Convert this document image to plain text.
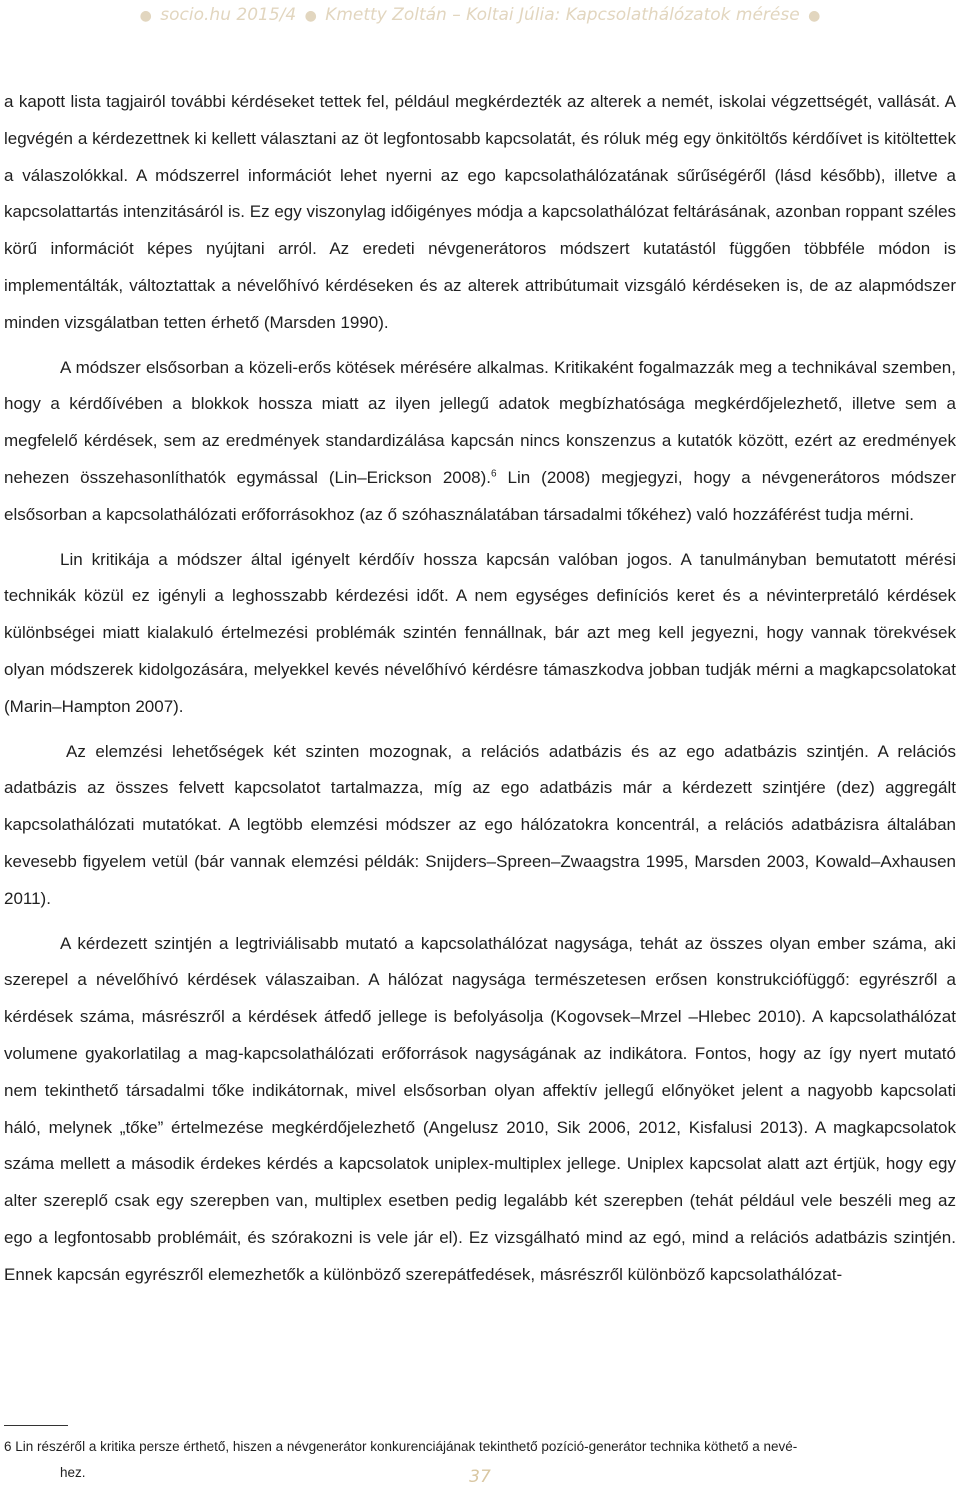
● socio.hu 2015/4 ● Kmetty Zoltán – Koltai Júlia: Kapcsolathálózatok mérése ●

a kapott lista tagjairól további kérdéseket tettek fel, például megkérdezték az alterek a nemét, iskolai végzettségét, vallását. A legvégén a kérdezettnek ki kellett választani az öt legfontosabb kapcsolatát, és róluk még egy önkitöltős kérdőívet is kitöltettek a válaszolókkal. A módszerrel információt lehet nyerni az ego kapcsolathálózatának sűrűségéről (lásd később), illetve a kapcsolattartás intenzitásáról is. Ez egy viszonylag időigényes módja a kapcsolathálózat feltárásának, azonban roppant széles körű információt képes nyújtani arról. Az eredeti névgenerátoros módszert kutatástól függően többféle módon is implementálták, változtattak a névelőhívó kérdéseken és az alterek attribútumait vizsgáló kérdéseken is, de az alapmódszer minden vizsgálatban tetten érhető (Marsden 1990).

A módszer elsősorban a közeli-erős kötések mérésére alkalmas. Kritikaként fogalmazzák meg a technikával szemben, hogy a kérdőívében a blokkok hossza miatt az ilyen jellegű adatok megbízhatósága megkérdőjelezhető, illetve sem a megfelelő kérdések, sem az eredmények standardizálása kapcsán nincs konszenzus a kutatók között, ezért az eredmények nehezen összehasonlíthatók egymással (Lin–Erickson 2008).$^6$ Lin (2008) megjegyzi, hogy a névgenerátoros módszer elsősorban a kapcsolathálózati erőforrásokhoz (az ő szóhasználatában társadalmi tőkéhez) való hozzáférést tudja mérni.

Lin kritikája a módszer által igényelt kérdőív hossza kapcsán valóban jogos. A tanulmányban bemutatott mérési technikák közül ez igényli a leghosszabb kérdezési időt. A nem egységes definíciós keret és a névinterpretáló kérdések különbségei miatt kialakuló értelmezési problémák szintén fennállnak, bár azt meg kell jegyezni, hogy vannak törekvések olyan módszerek kidolgozására, melyekkel kevés névelőhívó kérdésre támaszkodva jobban tudják mérni a magkapcsolatokat (Marin–Hampton 2007).

Az elemzési lehetőségek két szinten mozognak, a relációs adatbázis és az ego adatbázis szintjén. A relációs adatbázis az összes felvett kapcsolatot tartalmazza, míg az ego adatbázis már a kérdezett szintjére (dez) aggregált kapcsolathálózati mutatókat. A legtöbb elemzési módszer az ego hálózatokra koncentrál, a relációs adatbázisra általában kevesebb figyelem vetül (bár vannak elemzési példák: Snijders–Spreen–Zwaagstra 1995, Marsden 2003, Kowald–Axhausen 2011).

A kérdezett szintjén a legtriviálisabb mutató a kapcsolathálózat nagysága, tehát az összes olyan ember száma, aki szerepel a névelőhívó kérdések válaszaiban. A hálózat nagysága természetesen erősen konstrukciófüggő: egyrészről a kérdések száma, másrészről a kérdések átfedő jellege is befolyásolja (Kogovsek–Mrzel –Hlebec 2010). A kapcsolathálózat volumene gyakorlatilag a mag-kapcsolathálózati erőforrások nagyságának az indikátora. Fontos, hogy az így nyert mutató nem tekinthető társadalmi tőke indikátornak, mivel elsősorban olyan affektív jellegű előnyöket jelent a nagyobb kapcsolati háló, melynek „tőke” értelmezése megkérdőjelezhető (Angelusz 2010, Sik 2006, 2012, Kisfalusi 2013). A magkapcsolatok száma mellett a második érdekes kérdés a kapcsolatok uniplex-multiplex jellege. Uniplex kapcsolat alatt azt értjük, hogy egy alter szereplő csak egy szerepben van, multiplex esetben pedig legalább két szerepben (tehát például vele beszéli meg az ego a legfontosabb problémáit, és szórakozni is vele jár el). Ez vizsgálható mind az egó, mind a relációs adatbázis szintjén. Ennek kapcsán egyrészről elemezhetők a különböző szerepátfedések, másrészről különböző kapcsolathálózat-

6 Lin részéről a kritika persze érthető, hiszen a névgenerátor konkurenciájának tekinthető pozíció-generátor technika köthető a nevé-
hez.	37
